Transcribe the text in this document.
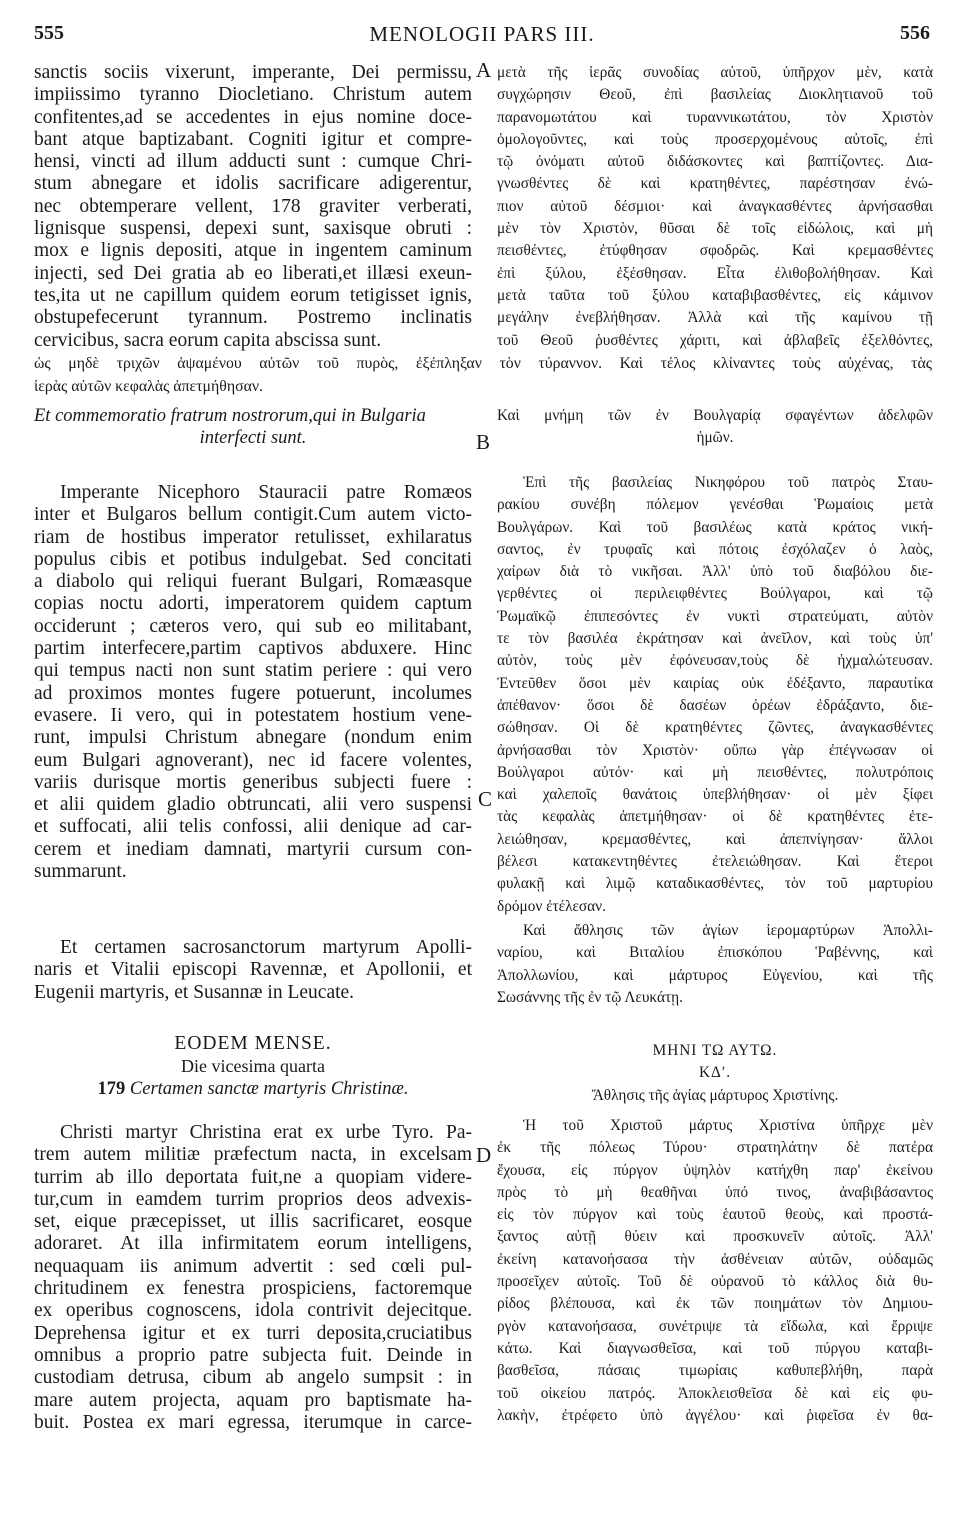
555	MENOLOGII PARS III.	556
A
B
C
D
sanctis sociis vixerunt, imperante, Dei permissu,
impiissimo tyranno Diocletiano. Christum autem
confitentes,ad se accedentes in ejus nomine doce-
bant atque baptizabant. Cogniti igitur et compre-
hensi, vincti ad illum adducti sunt : cumque Chri-
stum abnegare et idolis sacrificare adigerentur,
nec obtemperare vellent, 178 graviter verberati,
lignisque suspensi, depexi sunt, saxisque obruti :
mox e lignis depositi, atque in ingentem caminum
injecti, sed Dei gratia ab eo liberati,et illæsi exeun-
tes,ita ut ne capillum quidem eorum tetigisset ignis,
obstupefecerunt tyrannum. Postremo inclinatis
cervicibus, sacra eorum capita abscissa sunt.
μετὰ τῆς ἱερᾶς συνοδίας αὐτοῦ, ὑπῆρχον μὲν, κατὰ
συγχώρησιν Θεοῦ, ἐπὶ βασιλείας Διοκλητιανοῦ τοῦ
παρανομωτάτου καὶ τυραννικωτάτου, τὸν Χριστὸν
ὁμολογοῦντες, καὶ τοὺς προσερχομένους αὐτοῖς, ἐπὶ
τῷ ὀνόματι αὐτοῦ διδάσκοντες καὶ βαπτίζοντες. Δια-
γνωσθέντες δὲ καὶ κρατηθέντες, παρέστησαν ἐνώ-
πιον αὐτοῦ δέσμιοι· καὶ ἀναγκασθέντες ἀρνήσασθαι
μὲν τὸν Χριστὸν, θῦσαι δὲ τοῖς εἰδώλοις, καὶ μὴ
πεισθέντες, ἐτύφθησαν σφοδρῶς. Καὶ κρεμασθέντες
ἐπὶ ξύλου, ἐξέσθησαν. Εἶτα ἐλιθοβολήθησαν. Καὶ
μετὰ ταῦτα τοῦ ξύλου καταβιβασθέντες, εἰς κάμινον
μεγάλην ἐνεβλήθησαν. Ἀλλὰ καὶ τῆς καμίνου τῇ
τοῦ Θεοῦ ῥυσθέντες χάριτι, καὶ ἀβλαβεῖς ἐξελθόντες,
ὡς μηδὲ τριχῶν ἁψαμένου αὐτῶν τοῦ πυρὸς, ἐξέπληξαν τὸν τύραννον. Καὶ τέλος κλίναντες τοὺς αὐχένας, τὰς
ἱερὰς αὐτῶν κεφαλὰς ἀπετμήθησαν.
Et commemoratio fratrum nostrorum,qui in Bulgaria
interfecti sunt.
Καὶ μνήμη τῶν ἐν Βουλγαρίᾳ σφαγέντων ἀδελφῶν
ἡμῶν.
Imperante Nicephoro Stauracii patre Romæos
inter et Bulgaros bellum contigit.Cum autem victo-
riam de hostibus imperator retulisset, exhilaratus
populus cibis et potibus indulgebat. Sed concitati
a diabolo qui reliqui fuerant Bulgari, Romæasque
copias noctu adorti, imperatorem quidem captum
occiderunt ; cæteros vero, qui sub eo militabant,
partim interfecere,partim captivos abduxere. Hinc
qui tempus nacti non sunt statim periere : qui vero
ad proximos montes fugere potuerunt, incolumes
evasere. Ii vero, qui in potestatem hostium vene-
runt, impulsi Christum abnegare (nondum enim
eum Bulgari agnoverant), nec id facere volentes,
variis durisque mortis generibus subjecti fuere :
et alii quidem gladio obtruncati, alii vero suspensi
et suffocati, alii telis confossi, alii denique ad car-
cerem et inediam damnati, martyrii cursum con-
summarunt.
Ἐπὶ τῆς βασιλείας Νικηφόρου τοῦ πατρὸς Σταυ-
ρακίου συνέβη πόλεμον γενέσθαι Ῥωμαίοις μετὰ
Βουλγάρων. Καὶ τοῦ βασιλέως κατὰ κράτος νική-
σαντος, ἐν τρυφαῖς καὶ πότοις ἐσχόλαζεν ὁ λαὸς,
χαίρων διὰ τὸ νικῆσαι. Ἀλλ' ὑπὸ τοῦ διαβόλου διε-
γερθέντες οἱ περιλειφθέντες Βούλγαροι, καὶ τῷ
Ῥωμαϊκῷ ἐπιπεσόντες ἐν νυκτὶ στρατεύματι, αὐτὸν
τε τὸν βασιλέα ἐκράτησαν καὶ ἀνεῖλον, καὶ τοὺς ὑπ'
αὐτὸν, τοὺς μὲν ἐφόνευσαν,τοὺς δὲ ἠχμαλώτευσαν.
Ἐντεῦθεν ὅσοι μὲν καιρίας οὐκ ἐδέξαντο, παραυτίκα
ἀπέθανον· ὅσοι δὲ δασέων ὀρέων ἐδράξαντο, διε-
σώθησαν. Οἱ δὲ κρατηθέντες ζῶντες, ἀναγκασθέντες
ἀρνήσασθαι τὸν Χριστὸν· οὔπω γὰρ ἐπέγνωσαν οἱ
Βούλγαροι αὐτόν· καὶ μὴ πεισθέντες, πολυτρόποις
καὶ χαλεποῖς θανάτοις ὑπεβλήθησαν· οἱ μὲν ξίφει
τὰς κεφαλὰς ἀπετμήθησαν· οἱ δὲ κρατηθέντες ἐτε-
λειώθησαν, κρεμασθέντες, καὶ ἀπεπνίγησαν· ἄλλοι
βέλεσι κατακεντηθέντες ἐτελειώθησαν. Καὶ ἕτεροι
φυλακῇ καὶ λιμῷ καταδικασθέντες, τὸν τοῦ μαρτυρίου
δρόμον ἐτέλεσαν.
Et certamen sacrosanctorum martyrum Apolli-
naris et Vitalii episcopi Ravennæ, et Apollonii, et
Eugenii martyris, et Susannæ in Leucate.
Καὶ ἄθλησις τῶν ἁγίων ἱερομαρτύρων Ἀπολλι-
ναρίου, καὶ Βιταλίου ἐπισκόπου Ῥαβέννης, καὶ
Ἀπολλωνίου, καὶ μάρτυρος Εὐγενίου, καὶ τῆς
Σωσάννης τῆς ἐν τῷ Λευκάτῃ.
EODEM MENSE.
Die vicesima quarta
179 Certamen sanctæ martyris Christinæ.
ΜΗΝΙ ΤΩ ΑΥΤΩ.
ΚΔʹ.
Ἄθλησις τῆς ἁγίας μάρτυρος Χριστίνης.
Christi martyr Christina erat ex urbe Tyro. Pa-
trem autem militiæ præfectum nacta, in excelsam
turrim ab illo deportata fuit,ne a quopiam videre-
tur,cum in eamdem turrim proprios deos advexis-
set, eique præcepisset, ut illis sacrificaret, eosque
adoraret. At illa infirmitatem eorum intelligens,
nequaquam iis animum advertit : sed cœli pul-
chritudinem ex fenestra prospiciens, factoremque
ex operibus cognoscens, idola contrivit dejecitque.
Deprehensa igitur et ex turri deposita,cruciatibus
omnibus a proprio patre subjecta fuit. Deinde in
custodiam detrusa, cibum ab angelo sumpsit : in
mare autem projecta, aquam pro baptismate ha-
buit. Postea ex mari egressa, iterumque in carce-
Ἡ τοῦ Χριστοῦ μάρτυς Χριστίνα ὑπῆρχε μὲν
ἐκ τῆς πόλεως Τύρου· στρατηλάτην δὲ πατέρα
ἔχουσα, εἰς πύργον ὑψηλὸν κατήχθη παρ' ἐκείνου
πρὸς τὸ μὴ θεαθῆναι ὑπό τινος, ἀναβιβάσαντος
εἰς τὸν πύργον καὶ τοὺς ἑαυτοῦ θεοὺς, καὶ προστά-
ξαντος αὐτῇ θύειν καὶ προσκυνεῖν αὐτοῖς. Ἀλλ'
ἐκείνη κατανοήσασα τὴν ἀσθένειαν αὐτῶν, οὐδαμῶς
προσεῖχεν αὐτοῖς. Τοῦ δὲ οὐρανοῦ τὸ κάλλος διὰ θυ-
ρίδος βλέπουσα, καὶ ἐκ τῶν ποιημάτων τὸν Δημιου-
ργὸν κατανοήσασα, συνέτριψε τὰ εἴδωλα, καὶ ἔρριψε
κάτω. Καὶ διαγνωσθεῖσα, καὶ τοῦ πύργου καταβι-
βασθεῖσα, πάσαις τιμωρίαις καθυπεβλήθη, παρὰ
τοῦ οἰκείου πατρός. Ἀποκλεισθεῖσα δὲ καὶ εἰς φυ-
λακὴν, ἐτρέφετο ὑπὸ ἀγγέλου· καὶ ῥιφεῖσα ἐν θα-
